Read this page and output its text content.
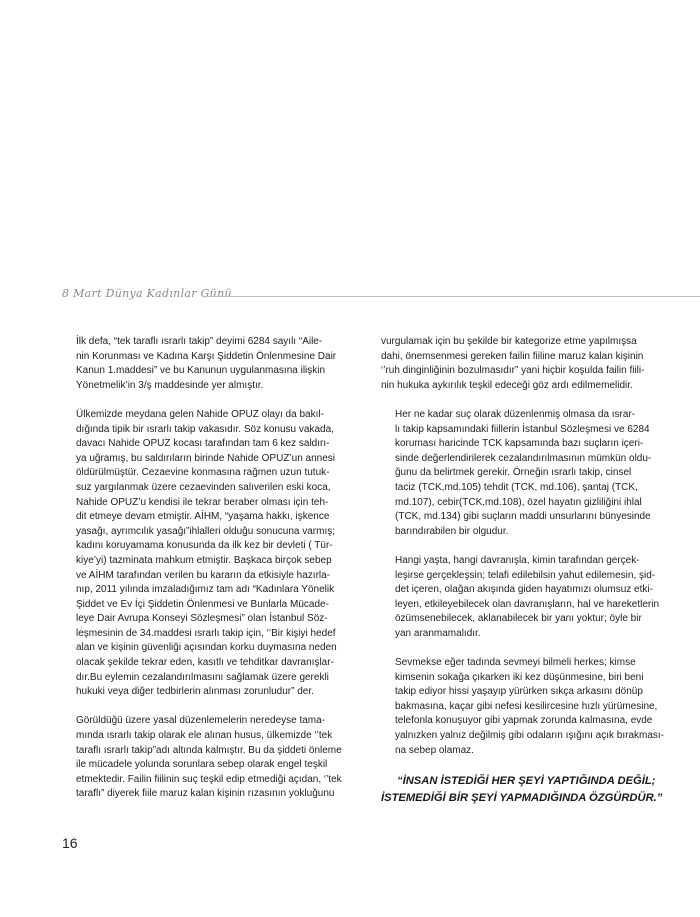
8 Mart Dünya Kadınlar Günü

İlk defa, “tek taraflı ısrarlı takip” deyimi 6284 sayılı “Aile-
nin Korunması ve Kadına Karşı Şiddetin Önlenmesine Dair
Kanun 1.maddesi” ve bu Kanunun uygulanmasına ilişkin
Yönetmelik’in 3/ş maddesinde yer almıştır.

Ülkemizde meydana gelen Nahide OPUZ olayı da bakıl-
dığında tipik bir ısrarlı takip vakasıdır. Söz konusu vakada,
davacı Nahide OPUZ kocası tarafından tam 6 kez saldırı-
ya uğramış, bu saldırıların birinde Nahide OPUZ’un annesi
öldürülmüştür. Cezaevine konmasına rağmen uzun tutuk-
suz yargılanmak üzere cezaevinden salıverilen eski koca,
Nahide OPUZ’u kendisi ile tekrar beraber olması için teh-
dit etmeye devam etmiştir. AİHM, “yaşama hakkı, işkence
yasağı, ayrımcılık yasağı”ihlalleri olduğu sonucuna varmış;
kadını koruyamama konusunda da ilk kez bir devleti ( Tür-
kiye’yi) tazminata mahkum etmiştir. Başkaca birçok sebep
ve AİHM tarafından verilen bu kararın da etkisiyle hazırla-
nıp, 2011 yılında imzaladığımız tam adı “Kadınlara Yönelik
Şiddet ve Ev İçi Şiddetin Önlenmesi ve Bunlarla Mücade-
leye Dair Avrupa Konseyi Sözleşmesi” olan İstanbul Söz-
leşmesinin de 34.maddesi ısrarlı takip için, ‘’Bir kişiyi hedef
alan ve kişinin güvenliği açısından korku duymasına neden
olacak şekilde tekrar eden, kasıtlı ve tehditkar davranışlar-
dır.Bu eylemin cezalandırılmasını sağlamak üzere gerekli
hukuki veya diğer tedbirlerin alınması zorunludur” der.

Görüldüğü üzere yasal düzenlemelerin neredeyse tama-
mında ısrarlı takip olarak ele alınan husus, ülkemizde ‘’tek
taraflı ısrarlı takip”adı altında kalmıştır. Bu da şiddeti önleme
ile mücadele yolunda sorunlara sebep olarak engel teşkil
etmektedir. Failin fiilinin suç teşkil edip etmediği açıdan, ‘’tek
taraflı” diyerek fiile maruz kalan kişinin rızasının yokluğunu

vurgulamak için bu şekilde bir kategorize etme yapılmışsa
dahi, önemsenmesi gereken failin fiiline maruz kalan kişinin
‘’ruh dinginliğinin bozulmasıdır” yani hiçbir koşulda failin fiili-
nin hukuka aykırılık teşkil edeceği göz ardı edilmemelidir.

Her ne kadar suç olarak düzenlenmiş olmasa da ısrar-
lı takip kapsamındaki fiillerin İstanbul Sözleşmesi ve 6284
koruması haricinde TCK kapsamında bazı suçların içeri-
sinde değerlendirilerek cezalandırılmasının mümkün oldu-
ğunu da belirtmek gerekir. Örneğin ısrarlı takip, cinsel
taciz (TCK,md.105) tehdit (TCK, md.106), şantaj (TCK,
md.107), cebir(TCK,md.108), özel hayatın gizliliğini ihlal
(TCK, md.134) gibi suçların maddi unsurlarını bünyesinde
barındırabilen bir olgudur.

Hangi yaşta, hangi davranışla, kimin tarafından gerçek-
leşirse gerçekleşsin; telafi edilebilsin yahut edilemesin, şid-
det içeren, olağan akışında giden hayatımızı olumsuz etki-
leyen, etkileyebilecek olan davranışların, hal ve hareketlerin
özümsenebilecek, aklanabilecek bir yanı yoktur; öyle bir
yan aranmamalıdır.

Sevmekse eğer tadında sevmeyi bilmeli herkes; kimse
kimsenin sokağa çıkarken iki kez düşünmesine, biri beni
takip ediyor hissi yaşayıp yürürken sıkça arkasını dönüp
bakmasına, kaçar gibi nefesi kesilircesine hızlı yürümesine,
telefonla konuşuyor gibi yapmak zorunda kalmasına, evde
yalnızken yalnız değilmiş gibi odaların ışığını açık bırakması-
na sebep olamaz.

“İNSAN İSTEDİĞİ HER ŞEYİ YAPTIĞINDA DEĞİL;
İSTEMEDİĞİ BİR ŞEYİ YAPMADIĞINDA ÖZGÜRDÜR.”
16
